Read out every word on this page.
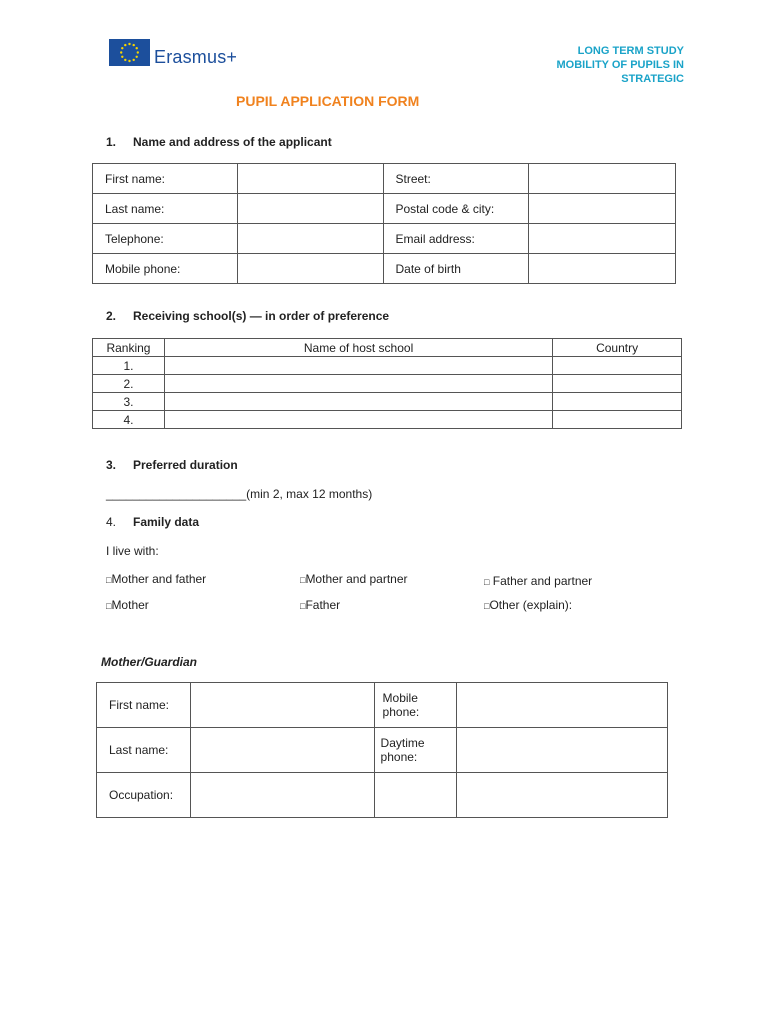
Erasmus+	LONG TERM STUDY
MOBILITY OF PUPILS IN
STRATEGIC
PUPIL APPLICATION FORM
1. Name and address of the applicant
First name:		Street:	
Last name:		Postal code & city:	
Telephone:		Email address:	
Mobile phone:		Date of birth	
2. Receiving school(s) — in order of preference
Ranking	Name of host school	Country
1.		
2.		
3.		
4.		
3. Preferred duration
_____________________(min 2, max 12 months)
4. Family data
I live with:
□Mother and father	□Mother and partner	□ Father and partner
□Mother	□Father	□Other (explain):
Mother/Guardian
First name:		Mobile
phone:	

Last name:		Daytime
phone:	

Occupation:			
